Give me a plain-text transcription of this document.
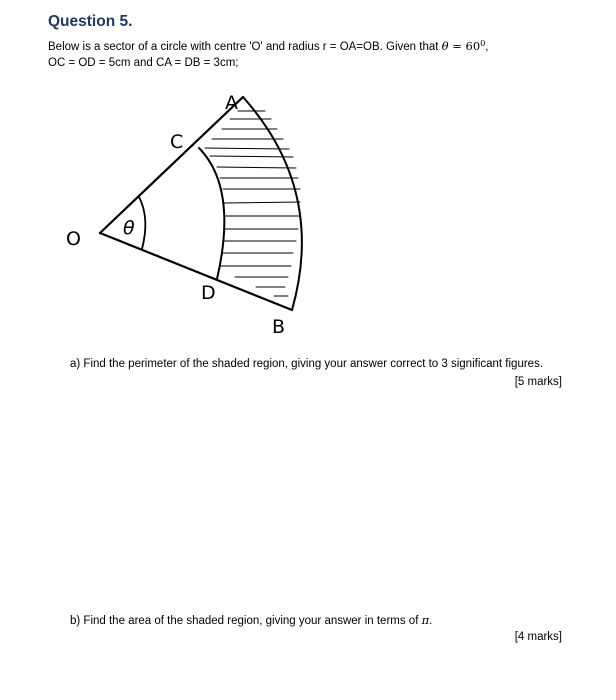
Question 5.

Below is a sector of a circle with centre 'O' and radius r = OA=OB. Given that $\theta = 60^0$,

OC = OD = 5cm and CA = DB = 3cm;

A
B
C
D
O θ

a) Find the perimeter of the shaded region, giving your answer correct to 3 significant figures.

[5 marks]

b) Find the area of the shaded region, giving your answer in terms of π.

[4 marks]
